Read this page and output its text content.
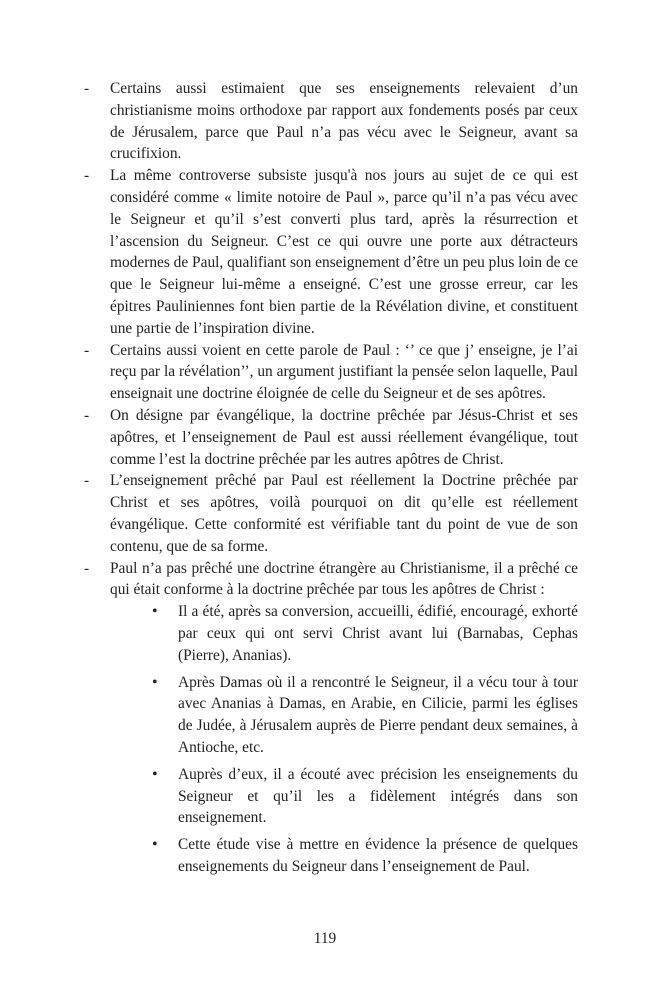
-	Certains aussi estimaient que ses enseignements relevaient d’un christianisme moins orthodoxe par rapport aux fondements posés par ceux de Jérusalem, parce que Paul n’a pas vécu avec le Seigneur, avant sa crucifixion.
-	La même controverse subsiste jusqu'à nos jours au sujet de ce qui est considéré comme « limite notoire de Paul », parce qu’il n’a pas vécu avec le Seigneur et qu’il s’est converti plus tard, après la résurrection et l’ascension du Seigneur. C’est ce qui ouvre une porte aux détracteurs modernes de Paul, qualifiant son enseignement d’être un peu plus loin de ce que le Seigneur lui-même a enseigné. C’est une grosse erreur, car les épitres Pauliniennes font bien partie de la Révélation divine, et constituent une partie de l’inspiration divine.
-	Certains aussi voient en cette parole de Paul : ‘’ ce que j’ enseigne, je l’ai reçu par la révélation’’, un argument justifiant la pensée selon laquelle, Paul enseignait une doctrine éloignée de celle du Seigneur et de ses apôtres.
-	On désigne par évangélique, la doctrine prêchée par Jésus-Christ et ses apôtres, et l’enseignement de Paul est aussi réellement évangélique, tout comme l’est la doctrine prêchée par les autres apôtres de Christ.
-	L’enseignement prêché par Paul est réellement la Doctrine prêchée par Christ et ses apôtres, voilà pourquoi on dit qu’elle est réellement évangélique. Cette conformité est vérifiable tant du point de vue de son contenu, que de sa forme.
-	Paul n’a pas prêché une doctrine étrangère au Christianisme, il a prêché ce qui était conforme à la doctrine prêchée par tous les apôtres de Christ :
•	Il a été, après sa conversion, accueilli, édifié, encouragé, exhorté par ceux qui ont servi Christ avant lui (Barnabas, Cephas (Pierre), Ananias).
•	Après Damas où il a rencontré le Seigneur, il a vécu tour à tour avec Ananias à Damas, en Arabie, en Cilicie, parmi les églises de Judée, à Jérusalem auprès de Pierre pendant deux semaines, à Antioche, etc.
•	Auprès d’eux, il a écouté avec précision les enseignements du Seigneur et qu’il les a fidèlement intégrés dans son enseignement.
•	Cette étude vise à mettre en évidence la présence de quelques enseignements du Seigneur dans l’enseignement de Paul.
119
